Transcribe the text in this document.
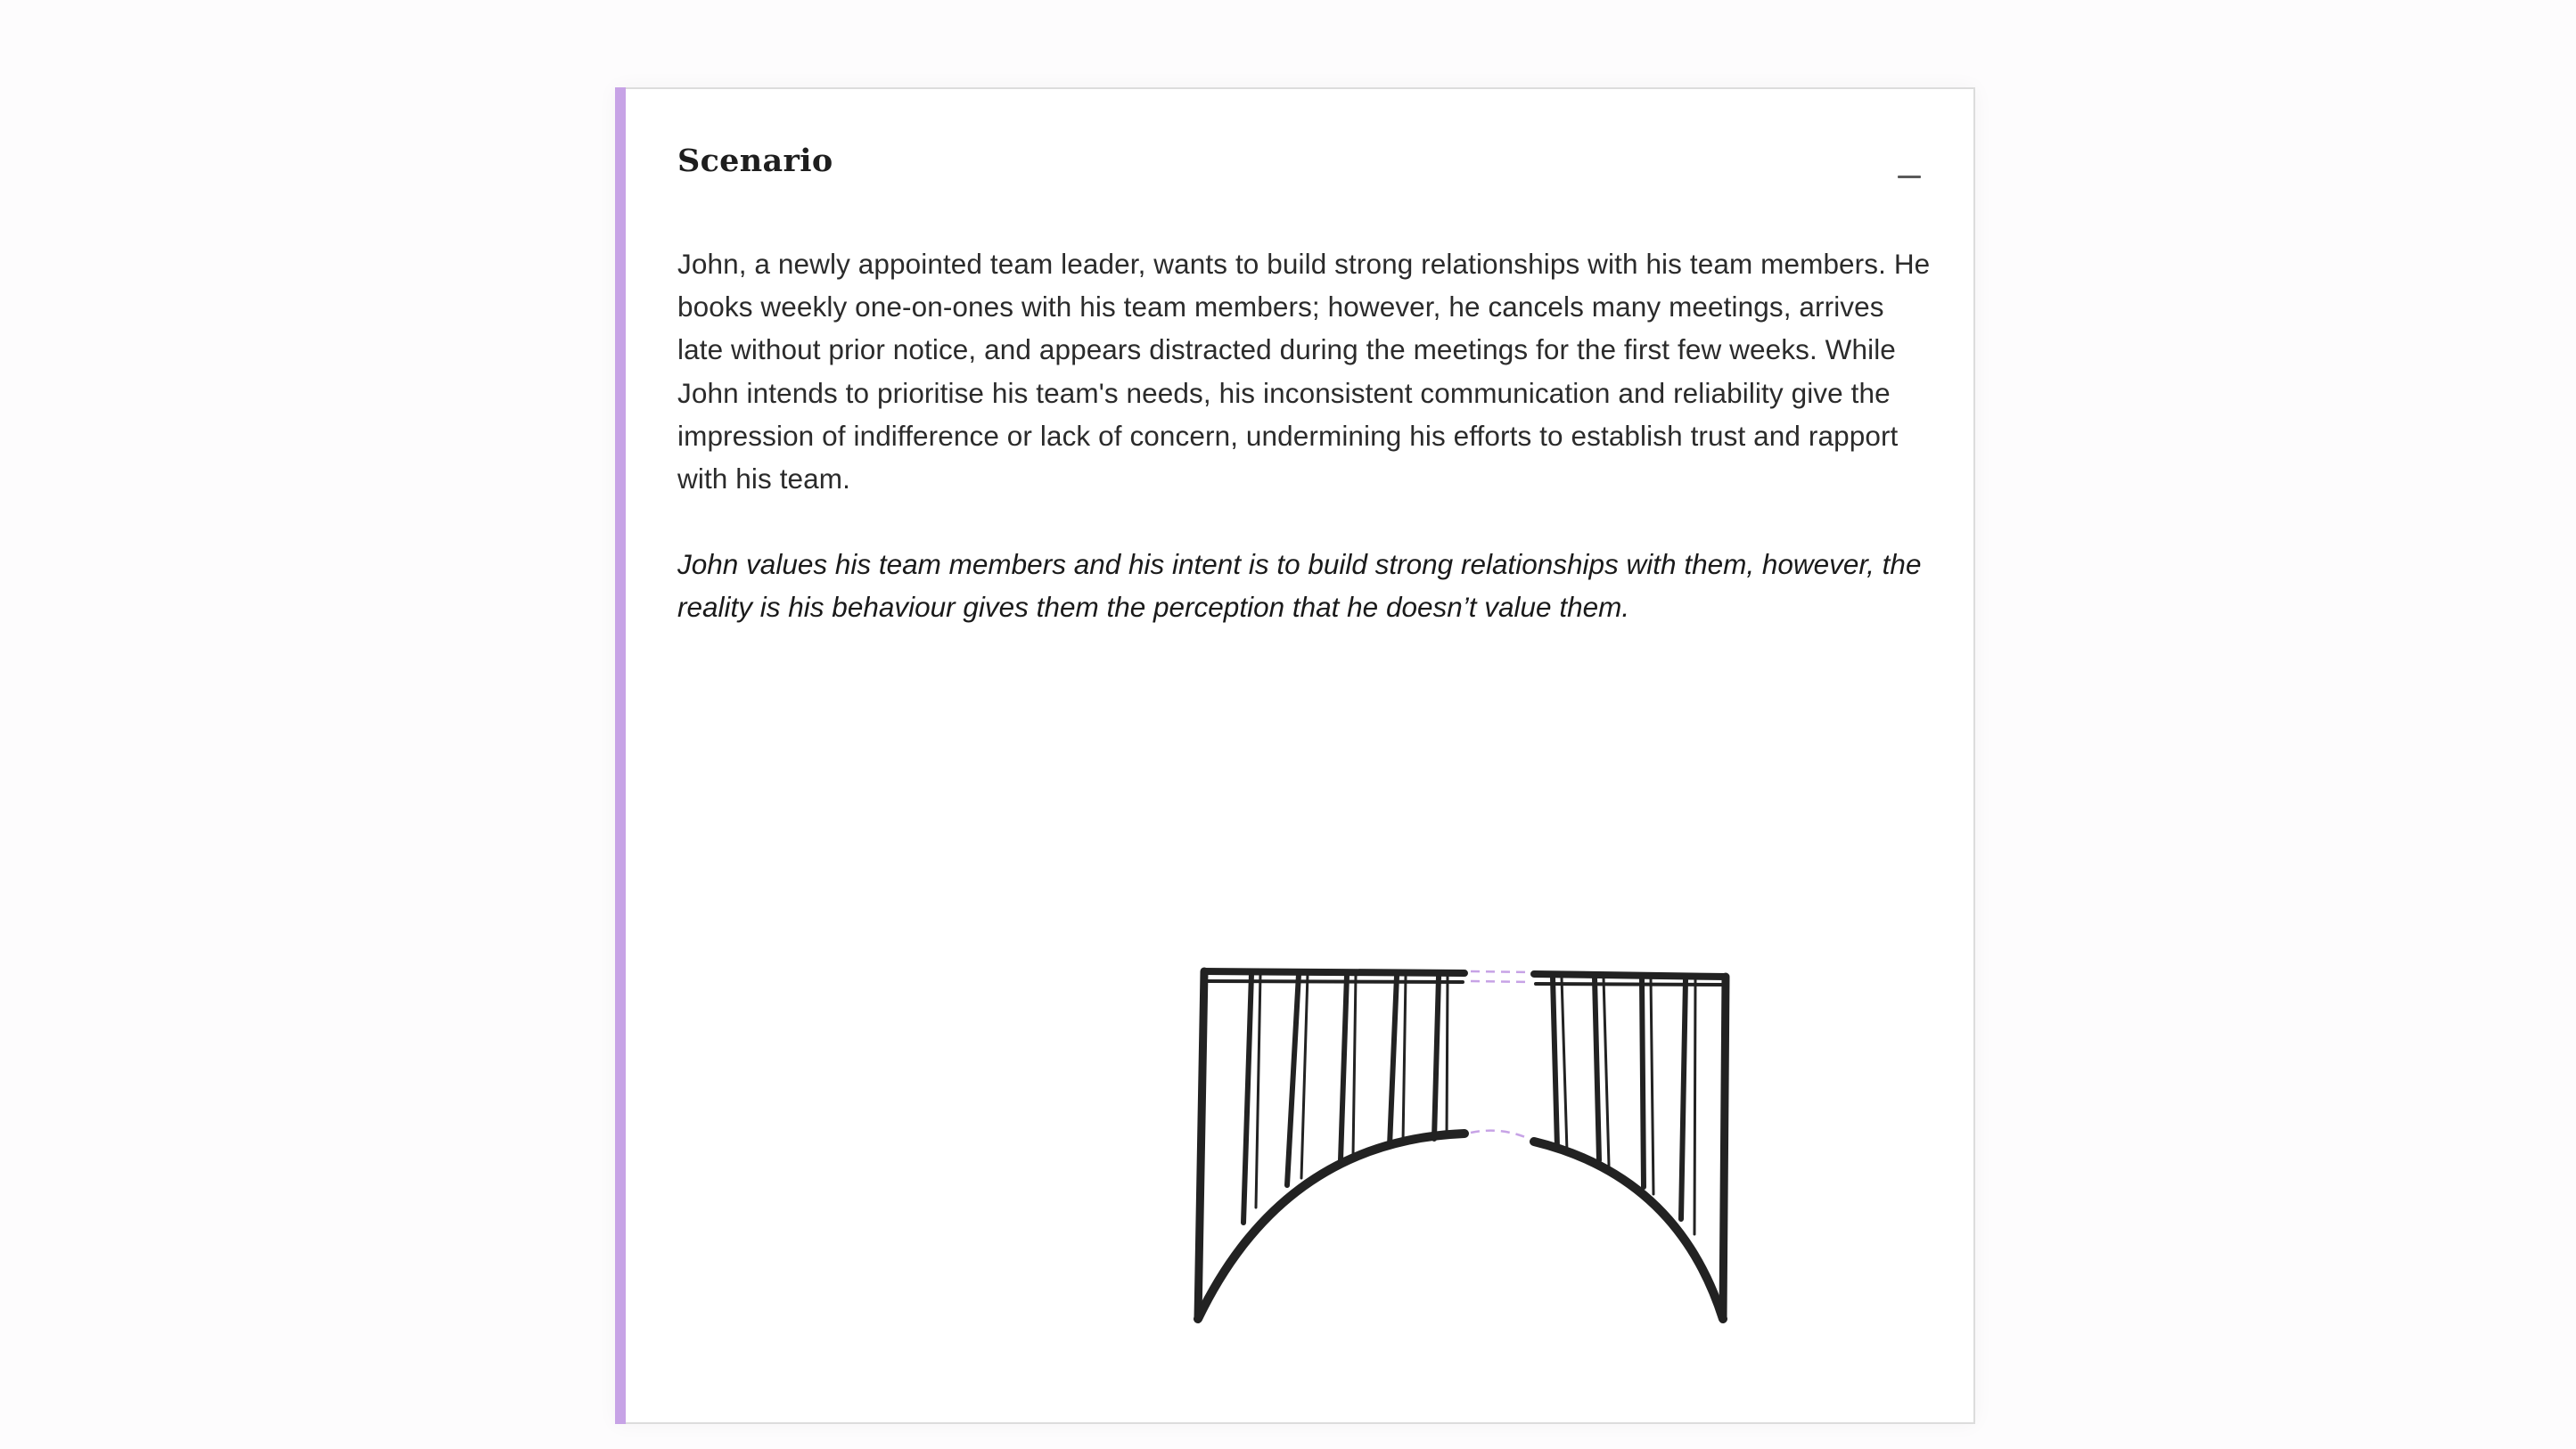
Scenario

John, a newly appointed team leader, wants to build strong relationships with his team members. He books weekly one-on-ones with his team members; however, he cancels many meetings, arrives late without prior notice, and appears distracted during the meetings for the first few weeks. While John intends to prioritise his team's needs, his inconsistent communication and reliability give the impression of indifference or lack of concern, undermining his efforts to establish trust and rapport with his team.

John values his team members and his intent is to build strong relationships with them, however, the reality is his behaviour gives them the perception that he doesn’t value them.
